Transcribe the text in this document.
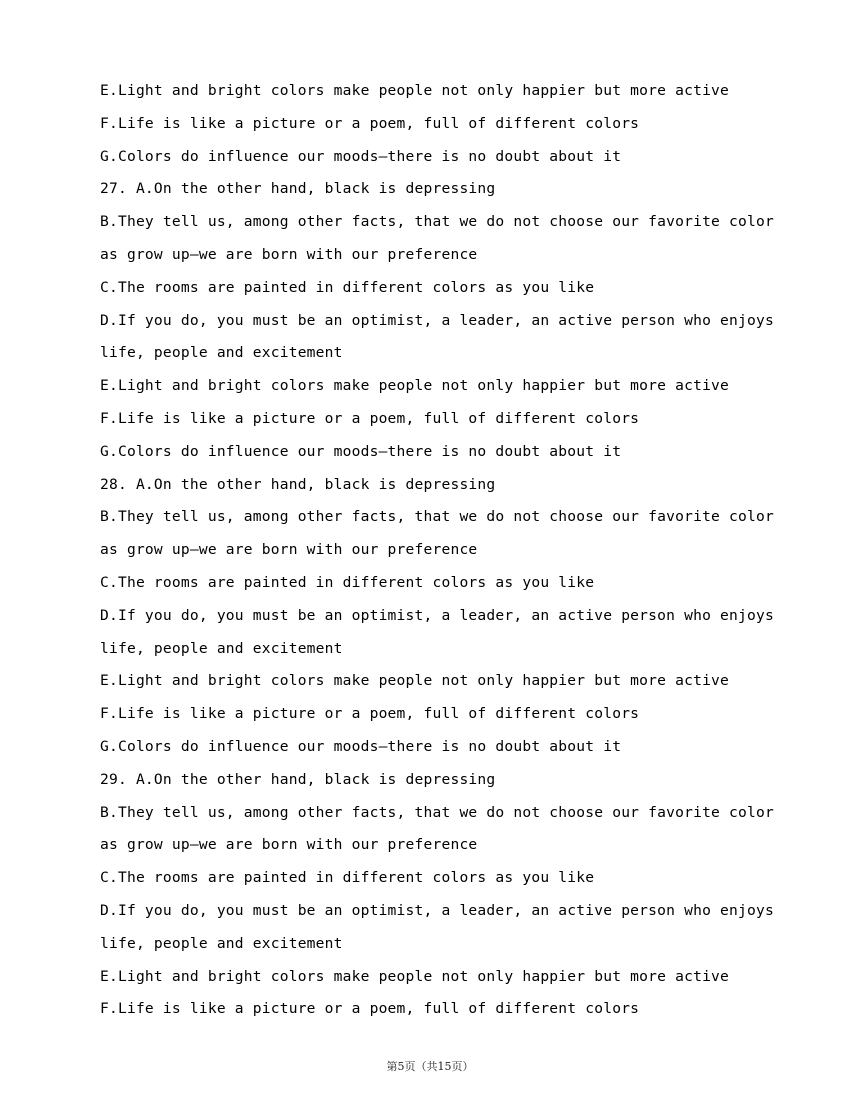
E.Light and bright colors make people not only happier but more active
F.Life is like a picture or a poem, full of different colors
G.Colors do influence our moods—there is no doubt about it
27. A.On the other hand, black is depressing
B.They tell us, among other facts, that we do not choose our favorite color
as grow up—we are born with our preference
C.The rooms are painted in different colors as you like
D.If you do, you must be an optimist, a leader, an active person who enjoys
life, people and excitement
E.Light and bright colors make people not only happier but more active
F.Life is like a picture or a poem, full of different colors
G.Colors do influence our moods—there is no doubt about it
28. A.On the other hand, black is depressing
B.They tell us, among other facts, that we do not choose our favorite color
as grow up—we are born with our preference
C.The rooms are painted in different colors as you like
D.If you do, you must be an optimist, a leader, an active person who enjoys
life, people and excitement
E.Light and bright colors make people not only happier but more active
F.Life is like a picture or a poem, full of different colors
G.Colors do influence our moods—there is no doubt about it
29. A.On the other hand, black is depressing
B.They tell us, among other facts, that we do not choose our favorite color
as grow up—we are born with our preference
C.The rooms are painted in different colors as you like
D.If you do, you must be an optimist, a leader, an active person who enjoys
life, people and excitement
E.Light and bright colors make people not only happier but more active
F.Life is like a picture or a poem, full of different colors
第5页（共15页）
